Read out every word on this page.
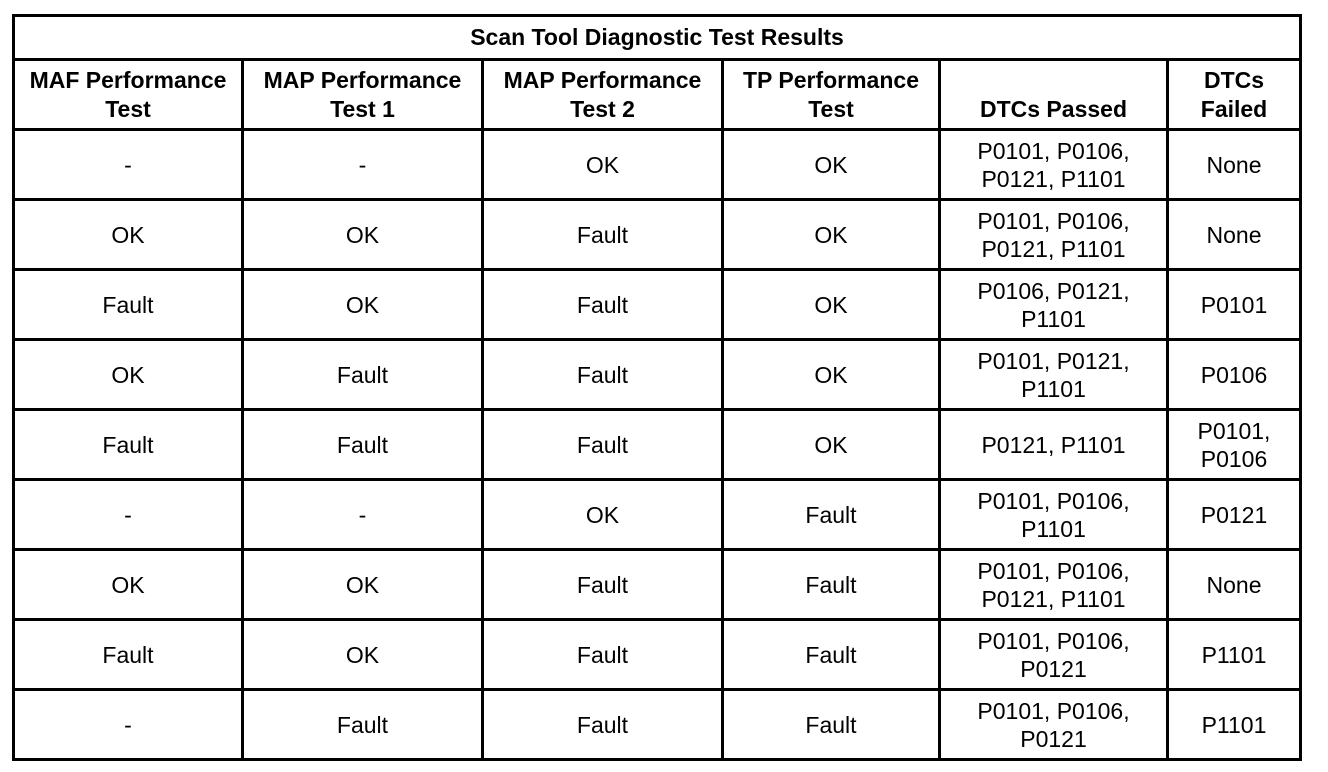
Scan Tool Diagnostic Test Results					
MAF Performance Test	MAP Performance Test 1	MAP Performance Test 2	TP Performance Test	DTCs Passed	DTCs Failed
-	-	OK	OK	P0101, P0106, P0121, P1101	None
OK	OK	Fault	OK	P0101, P0106, P0121, P1101	None
Fault	OK	Fault	OK	P0106, P0121, P1101	P0101
OK	Fault	Fault	OK	P0101, P0121, P1101	P0106
Fault	Fault	Fault	OK	P0121, P1101	P0101, P0106
-	-	OK	Fault	P0101, P0106, P1101	P0121
OK	OK	Fault	Fault	P0101, P0106, P0121, P1101	None
Fault	OK	Fault	Fault	P0101, P0106, P0121	P1101
-	Fault	Fault	Fault	P0101, P0106, P0121	P1101
